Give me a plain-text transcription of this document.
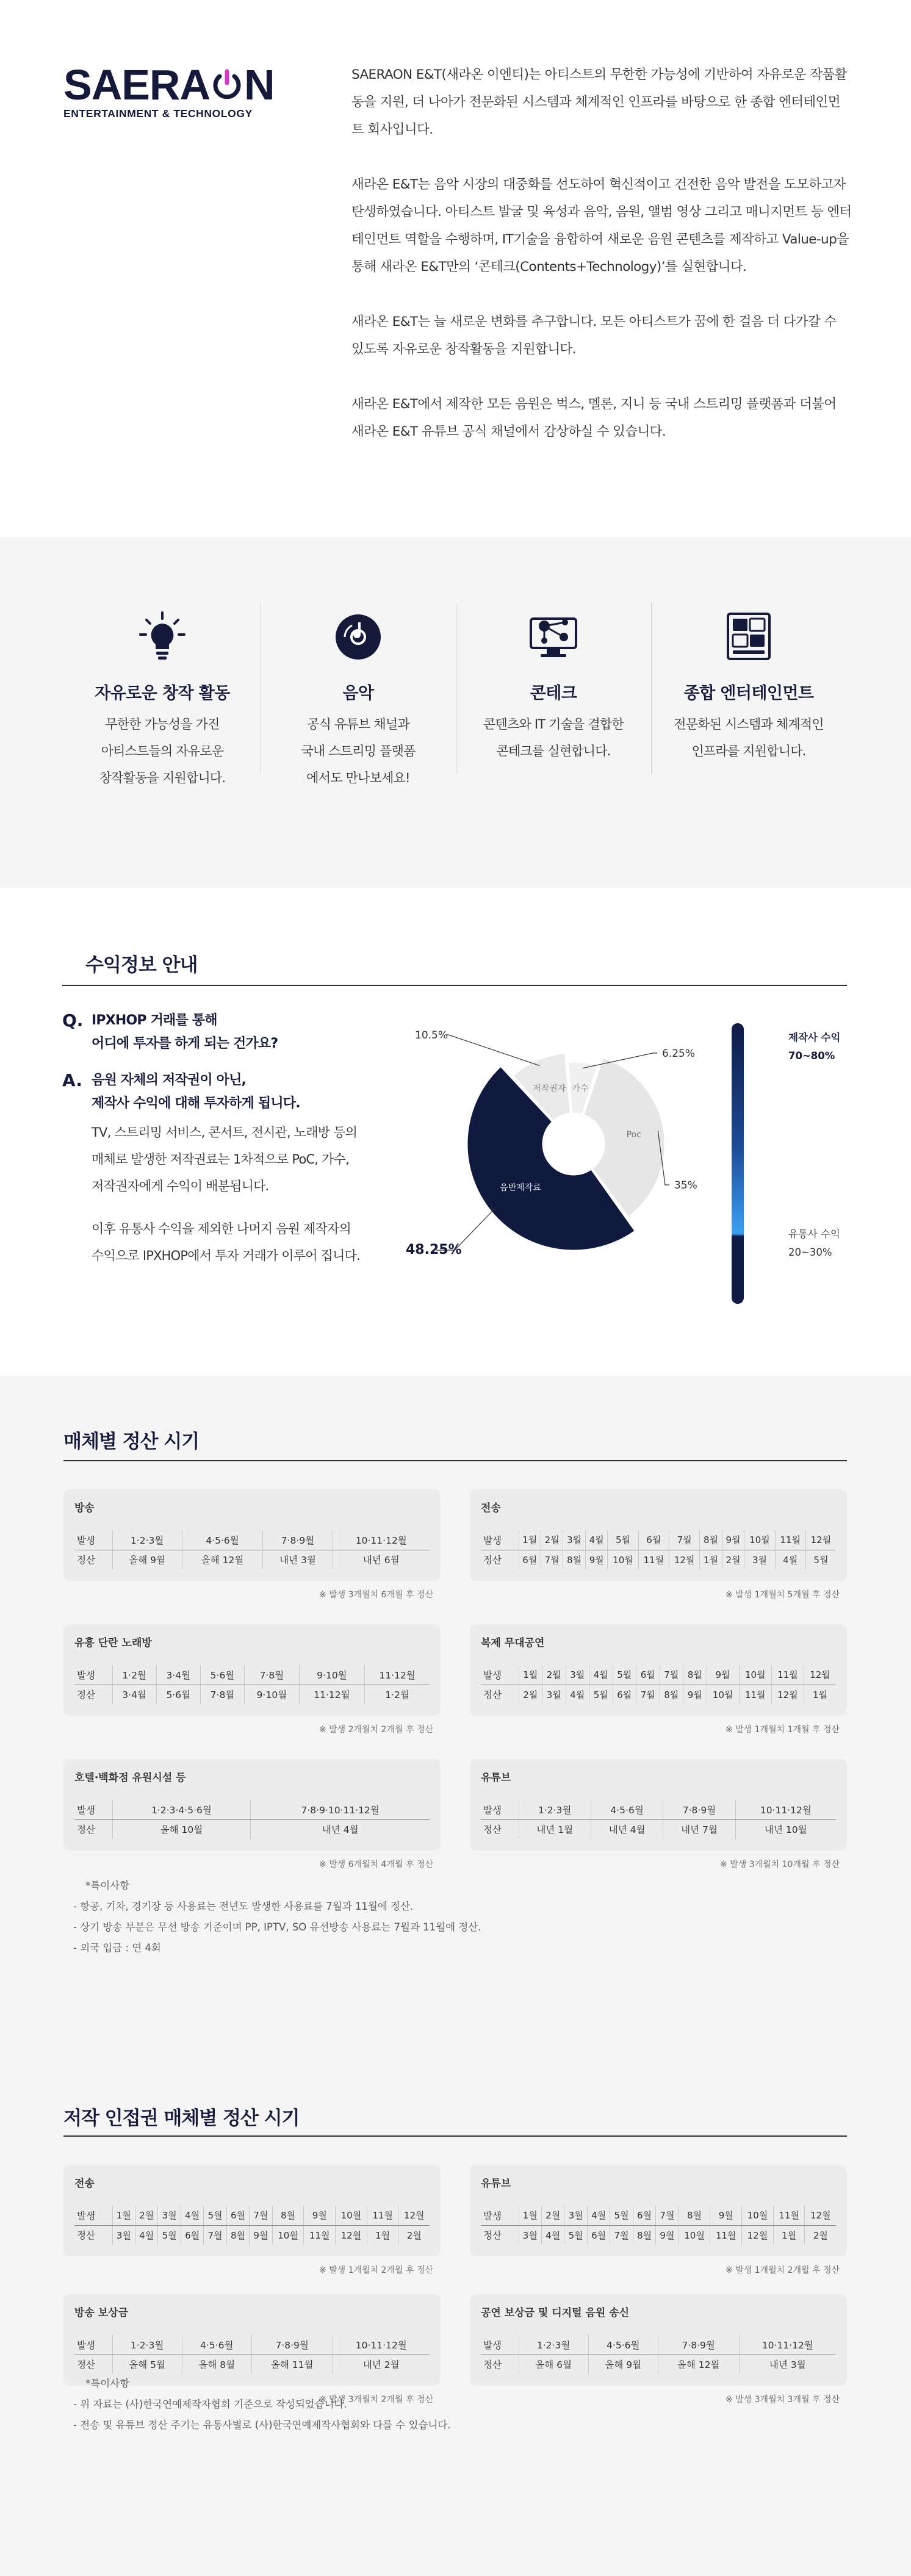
SAERA N
ENTERTAINMENT & TECHNOLOGY

SAERAON E&T(새라온 이엔티)는 아티스트의 무한한 가능성에 기반하여 자유로운 작품활동을 지원, 더 나아가 전문화된 시스템과 체계적인 인프라를 바탕으로 한 종합 엔터테인먼트 회사입니다.

새라온 E&T는 음악 시장의 대중화를 선도하여 혁신적이고 건전한 음악 발전을 도모하고자 탄생하였습니다. 아티스트 발굴 및 육성과 음악, 음원, 앨범 영상 그리고 매니지먼트 등 엔터테인먼트 역할을 수행하며, IT기술을 융합하여 새로운 음원 콘텐츠를 제작하고 Value-up을 통해 새라온 E&T만의 ‘콘테크(Contents+Technology)’를 실현합니다.

새라온 E&T는 늘 새로운 변화를 추구합니다. 모든 아티스트가 꿈에 한 걸음 더 다가갈 수 있도록 자유로운 창작활동을 지원합니다.

새라온 E&T에서 제작한 모든 음원은 벅스, 멜론, 지니 등 국내 스트리밍 플랫폼과 더불어 새라온 E&T 유튜브 공식 채널에서 감상하실 수 있습니다.

자유로운 창작 활동

무한한 가능성을 가진
아티스트들의 자유로운
창작활동을 지원합니다.

음악

공식 유튜브 채널과
국내 스트리밍 플랫폼
에서도 만나보세요!

콘테크

콘텐츠와 IT 기술을 결합한
콘테크를 실현합니다.

종합 엔터테인먼트

전문화된 시스템과 체계적인
인프라를 지원합니다.

수익정보 안내
Q. IPXHOP 거래를 통해
어디에 투자를 하게 되는 건가요?
A. 음원 자체의 저작권이 아닌,
제작사 수익에 대해 투자하게 됩니다.
TV, 스트리밍 서비스, 콘서트, 전시관, 노래방 등의
매체로 발생한 저작권료는 1차적으로 PoC, 가수,
저작권자에게 수익이 배분됩니다.
이후 유통사 수익을 제외한 나머지 음원 제작자의
수익으로 IPXHOP에서 투자 거래가 이루어 집니다.
저작권자 가수
Poc
음반제작료
10.5%
6.25%
35%
48.25%
제작사 수익
70~80%
유통사 수익
20~30%
매체별 정산 시기
방송
발생	1·2·3월	4·5·6월	7·8·9월	10·11·12월
정산	올해 9월	올해 12월	내년 3월	내년 6월
※ 발생 3개월치 6개월 후 정산
전송
발생	1월	2월	3월	4월	5월	6월	7월	8월	9월	10월	11월	12월
정산	6월	7월	8월	9월	10월	11월	12월	1월	2월	3월	4월	5월
※ 발생 1개월치 5개월 후 정산
유흥 단란 노래방
발생	1·2월	3·4월	5·6월	7·8월	9·10월	11·12월
정산	3·4월	5·6월	7·8월	9·10월	11·12월	1·2월
※ 발생 2개월치 2개월 후 정산
복제 무대공연
발생	1월	2월	3월	4월	5월	6월	7월	8월	9월	10월	11월	12월
정산	2월	3월	4월	5월	6월	7월	8월	9월	10월	11월	12월	1월
※ 발생 1개월치 1개월 후 정산
호텔·백화점 유원시설 등
발생	1·2·3·4·5·6월	7·8·9·10·11·12월
정산	올해 10월	내년 4월
※ 발생 6개월치 4개월 후 정산
유튜브
발생	1·2·3월	4·5·6월	7·8·9월	10·11·12월
정산	내년 1월	내년 4월	내년 7월	내년 10월
※ 발생 3개월치 10개월 후 정산
*특이사항
- 항공, 기차, 경기장 등 사용료는 전년도 발생한 사용료를 7월과 11월에 정산.
- 상기 방송 부분은 무선 방송 기준이며 PP, IPTV, SO 유선방송 사용료는 7월과 11월에 정산.
- 외국 입금 : 연 4회
저작 인접권 매체별 정산 시기
전송
발생	1월	2월	3월	4월	5월	6월	7월	8월	9월	10월	11월	12월
정산	3월	4월	5월	6월	7월	8월	9월	10월	11월	12월	1월	2월
※ 발생 1개월치 2개월 후 정산
유튜브
발생	1월	2월	3월	4월	5월	6월	7월	8월	9월	10월	11월	12월
정산	3월	4월	5월	6월	7월	8월	9월	10월	11월	12월	1월	2월
※ 발생 1개월치 2개월 후 정산
방송 보상금
발생	1·2·3월	4·5·6월	7·8·9월	10·11·12월
정산	올해 5월	올해 8월	올해 11월	내년 2월
※ 발생 3개월치 2개월 후 정산
공연 보상금 및 디지털 음원 송신
발생	1·2·3월	4·5·6월	7·8·9월	10·11·12월
정산	올해 6월	올해 9월	올해 12월	내년 3월
※ 발생 3개월치 3개월 후 정산
*특이사항
- 위 자료는 (사)한국연예제작자협회 기준으로 작성되었습니다.
- 전송 및 유튜브 정산 주기는 유통사별로 (사)한국연예제작사협회와 다를 수 있습니다.
